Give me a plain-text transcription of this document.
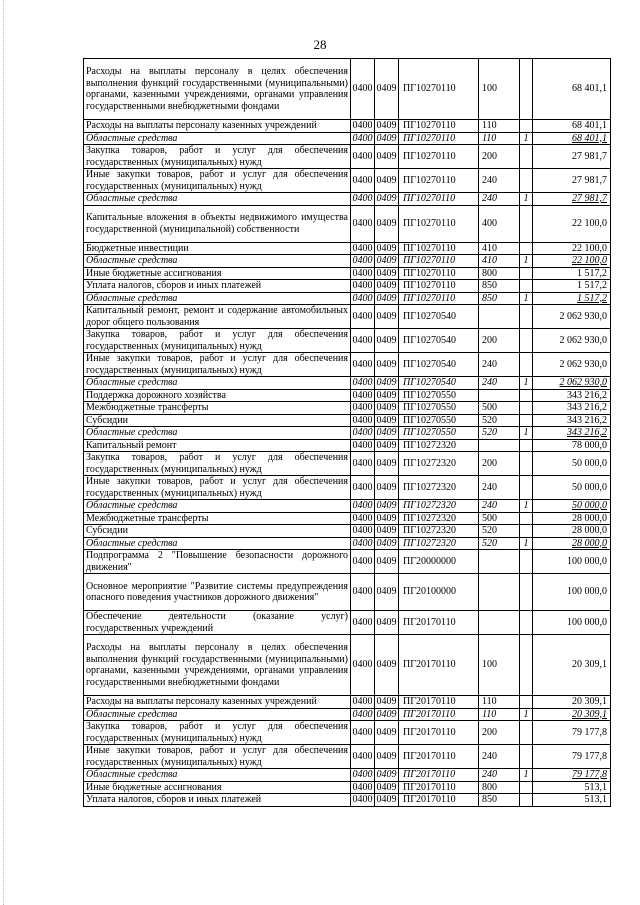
28
Расходы на выплаты персоналу в целях обеспечения выполнения функций государственными (муниципальными) органами, казенными учреждениями, органами управления государственными внебюджетными фондами	0400	0409	ПГ10270110	100		68 401,1
Расходы на выплаты персоналу казенных учреждений	0400	0409	ПГ10270110	110		68 401,1
Областные средства	0400	0409	ПГ10270110	110	1	68 401,1
Закупка товаров, работ и услуг для обеспечения государственных (муниципальных) нужд	0400	0409	ПГ10270110	200		27 981,7
Иные закупки товаров, работ и услуг для обеспечения государственных (муниципальных) нужд	0400	0409	ПГ10270110	240		27 981,7
Областные средства	0400	0409	ПГ10270110	240	1	27 981,7
Капитальные вложения в объекты недвижимого имущества государственной (муниципальной) собственности	0400	0409	ПГ10270110	400		22 100,0
Бюджетные инвестиции	0400	0409	ПГ10270110	410		22 100,0
Областные средства	0400	0409	ПГ10270110	410	1	22 100,0
Иные бюджетные ассигнования	0400	0409	ПГ10270110	800		1 517,2
Уплата налогов, сборов и иных платежей	0400	0409	ПГ10270110	850		1 517,2
Областные средства	0400	0409	ПГ10270110	850	1	1 517,2
Капитальный ремонт, ремонт и содержание автомобильных дорог общего пользования	0400	0409	ПГ10270540			2 062 930,0
Закупка товаров, работ и услуг для обеспечения государственных (муниципальных) нужд	0400	0409	ПГ10270540	200		2 062 930,0
Иные закупки товаров, работ и услуг для обеспечения государственных (муниципальных) нужд	0400	0409	ПГ10270540	240		2 062 930,0
Областные средства	0400	0409	ПГ10270540	240	1	2 062 930,0
Поддержка дорожного хозяйства	0400	0409	ПГ10270550			343 216,2
Межбюджетные трансферты	0400	0409	ПГ10270550	500		343 216,2
Субсидии	0400	0409	ПГ10270550	520		343 216,2
Областные средства	0400	0409	ПГ10270550	520	1	343 216,2
Капитальный ремонт	0400	0409	ПГ10272320			78 000,0
Закупка товаров, работ и услуг для обеспечения государственных (муниципальных) нужд	0400	0409	ПГ10272320	200		50 000,0
Иные закупки товаров, работ и услуг для обеспечения государственных (муниципальных) нужд	0400	0409	ПГ10272320	240		50 000,0
Областные средства	0400	0409	ПГ10272320	240	1	50 000,0
Межбюджетные трансферты	0400	0409	ПГ10272320	500		28 000,0
Субсидии	0400	0409	ПГ10272320	520		28 000,0
Областные средства	0400	0409	ПГ10272320	520	1	28 000,0
Подпрограмма 2 "Повышение безопасности дорожного движения"	0400	0409	ПГ20000000			100 000,0
Основное мероприятие "Развитие системы предупреждения опасного поведения участников дорожного движения"	0400	0409	ПГ20100000			100 000,0
Обеспечение деятельности (оказание услуг) государственных учреждений	0400	0409	ПГ20170110			100 000,0
Расходы на выплаты персоналу в целях обеспечения выполнения функций государственными (муниципальными) органами, казенными учреждениями, органами управления государственными внебюджетными фондами	0400	0409	ПГ20170110	100		20 309,1
Расходы на выплаты персоналу казенных учреждений	0400	0409	ПГ20170110	110		20 309,1
Областные средства	0400	0409	ПГ20170110	110	1	20 309,1
Закупка товаров, работ и услуг для обеспечения государственных (муниципальных) нужд	0400	0409	ПГ20170110	200		79 177,8
Иные закупки товаров, работ и услуг для обеспечения государственных (муниципальных) нужд	0400	0409	ПГ20170110	240		79 177,8
Областные средства	0400	0409	ПГ20170110	240	1	79 177,8
Иные бюджетные ассигнования	0400	0409	ПГ20170110	800		513,1
Уплата налогов, сборов и иных платежей	0400	0409	ПГ20170110	850		513,1
